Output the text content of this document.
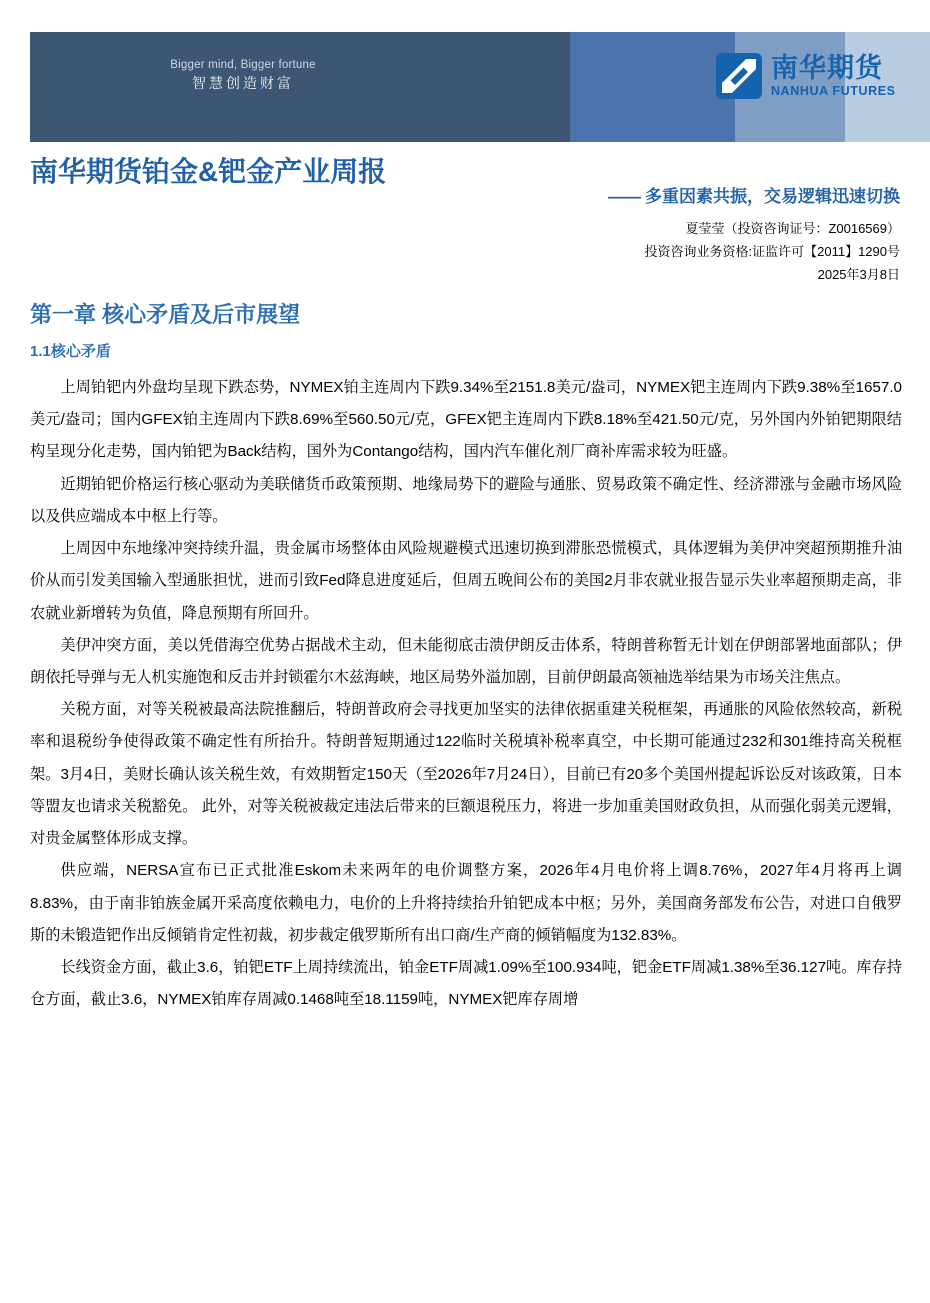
Bigger mind, Bigger fortune
智慧创造财富
南华期货
NANHUA FUTURES
南华期货铂金&钯金产业周报
—— 多重因素共振，交易逻辑迅速切换
夏莹莹（投资咨询证号：Z0016569）
投资咨询业务资格:证监许可【2011】1290号
2025年3月8日
第一章 核心矛盾及后市展望
1.1核心矛盾

上周铂钯内外盘均呈现下跌态势，NYMEX铂主连周内下跌9.34%至2151.8美元/盎司，NYMEX钯主连周内下跌9.38%至1657.0美元/盎司；国内GFEX铂主连周内下跌8.69%至560.50元/克，GFEX钯主连周内下跌8.18%至421.50元/克，另外国内外铂钯期限结构呈现分化走势，国内铂钯为Back结构，国外为Contango结构，国内汽车催化剂厂商补库需求较为旺盛。

近期铂钯价格运行核心驱动为美联储货币政策预期、地缘局势下的避险与通胀、贸易政策不确定性、经济滞涨与金融市场风险以及供应端成本中枢上行等。

上周因中东地缘冲突持续升温，贵金属市场整体由风险规避模式迅速切换到滞胀恐慌模式，具体逻辑为美伊冲突超预期推升油价从而引发美国输入型通胀担忧，进而引致Fed降息进度延后，但周五晚间公布的美国2月非农就业报告显示失业率超预期走高，非农就业新增转为负值，降息预期有所回升。

美伊冲突方面，美以凭借海空优势占据战术主动，但未能彻底击溃伊朗反击体系，特朗普称暂无计划在伊朗部署地面部队；伊朗依托导弹与无人机实施饱和反击并封锁霍尔木兹海峡，地区局势外溢加剧，目前伊朗最高领袖选举结果为市场关注焦点。

关税方面，对等关税被最高法院推翻后，特朗普政府会寻找更加坚实的法律依据重建关税框架，再通胀的风险依然较高，新税率和退税纷争使得政策不确定性有所抬升。特朗普短期通过122临时关税填补税率真空，中长期可能通过232和301维持高关税框架。3月4日，美财长确认该关税生效，有效期暂定150天（至2026年7月24日），目前已有20多个美国州提起诉讼反对该政策，日本等盟友也请求关税豁免。 此外，对等关税被裁定违法后带来的巨额退税压力，将进一步加重美国财政负担，从而强化弱美元逻辑，对贵金属整体形成支撑。

供应端，NERSA宣布已正式批准Eskom未来两年的电价调整方案，2026年4月电价将上调8.76%，2027年4月将再上调8.83%，由于南非铂族金属开采高度依赖电力，电价的上升将持续抬升铂钯成本中枢；另外，美国商务部发布公告，对进口自俄罗斯的未锻造钯作出反倾销肯定性初裁，初步裁定俄罗斯所有出口商/生产商的倾销幅度为132.83%。

长线资金方面，截止3.6，铂钯ETF上周持续流出，铂金ETF周减1.09%至100.934吨，钯金ETF周减1.38%至36.127吨。库存持仓方面，截止3.6，NYMEX铂库存周减0.1468吨至18.1159吨，NYMEX钯库存周增
